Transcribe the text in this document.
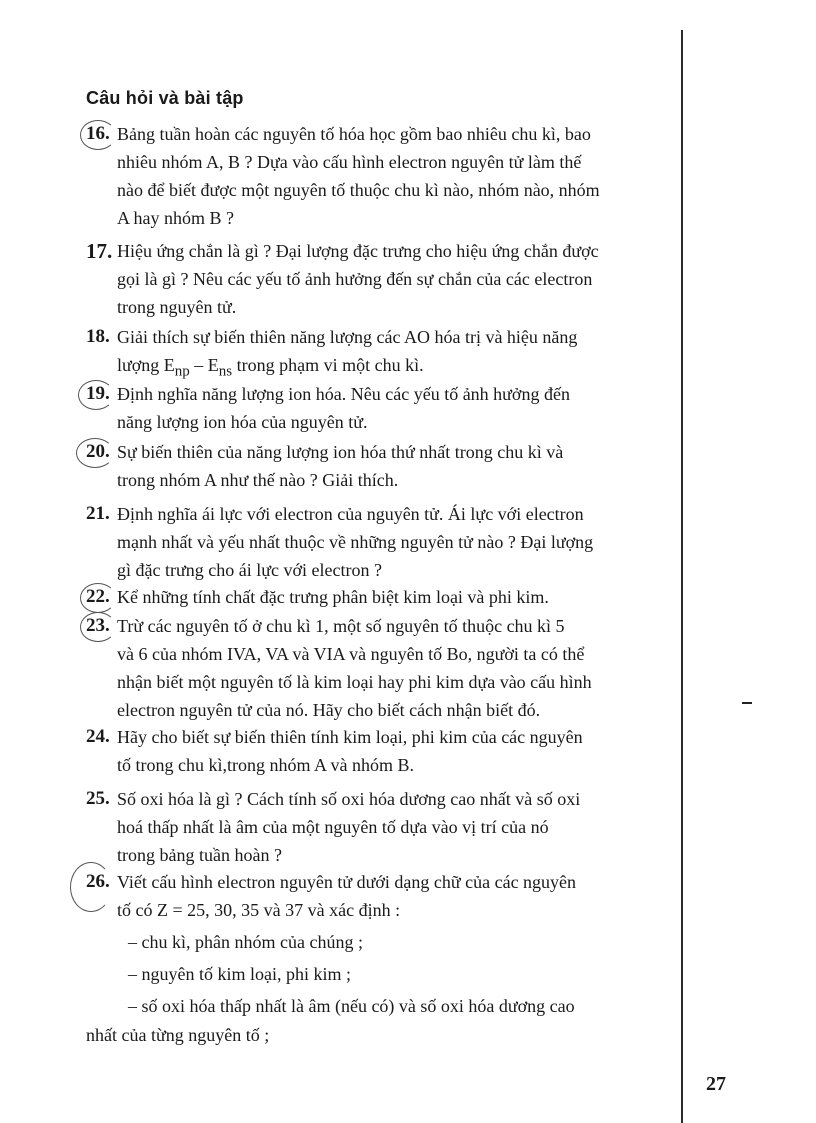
Câu hỏi và bài tập
16. Bảng tuần hoàn các nguyên tố hóa học gồm bao nhiêu chu kì, bao
nhiêu nhóm A, B ? Dựa vào cấu hình electron nguyên tử làm thế
nào để biết được một nguyên tố thuộc chu kì nào, nhóm nào, nhóm
A hay nhóm B ?
17. Hiệu ứng chắn là gì ? Đại lượng đặc trưng cho hiệu ứng chắn được
gọi là gì ? Nêu các yếu tố ảnh hưởng đến sự chắn của các electron
trong nguyên tử.
18. Giải thích sự biến thiên năng lượng các AO hóa trị và hiệu năng
lượng $E_{np} - E_{ns}$ trong phạm vi một chu kì.
19. Định nghĩa năng lượng ion hóa. Nêu các yếu tố ảnh hưởng đến
năng lượng ion hóa của nguyên tử.
20. Sự biến thiên của năng lượng ion hóa thứ nhất trong chu kì và
trong nhóm A như thế nào ? Giải thích.
21. Định nghĩa ái lực với electron của nguyên tử. Ái lực với electron
mạnh nhất và yếu nhất thuộc về những nguyên tử nào ? Đại lượng
gì đặc trưng cho ái lực với electron ?
22. Kể những tính chất đặc trưng phân biệt kim loại và phi kim.
23. Trừ các nguyên tố ở chu kì 1, một số nguyên tố thuộc chu kì 5
và 6 của nhóm IVA, VA và VIA và nguyên tố Bo, người ta có thể
nhận biết một nguyên tố là kim loại hay phi kim dựa vào cấu hình
electron nguyên tử của nó. Hãy cho biết cách nhận biết đó.
24. Hãy cho biết sự biến thiên tính kim loại, phi kim của các nguyên
tố trong chu kì,trong nhóm A và nhóm B.
25. Số oxi hóa là gì ? Cách tính số oxi hóa dương cao nhất và số oxi
hoá thấp nhất là âm của một nguyên tố dựa vào vị trí của nó
trong bảng tuần hoàn ?
26. Viết cấu hình electron nguyên tử dưới dạng chữ của các nguyên
tố có Z = 25, 30, 35 và 37 và xác định :
– chu kì, phân nhóm của chúng ;
– nguyên tố kim loại, phi kim ;
– số oxi hóa thấp nhất là âm (nếu có) và số oxi hóa dương cao
nhất của từng nguyên tố ;
27
